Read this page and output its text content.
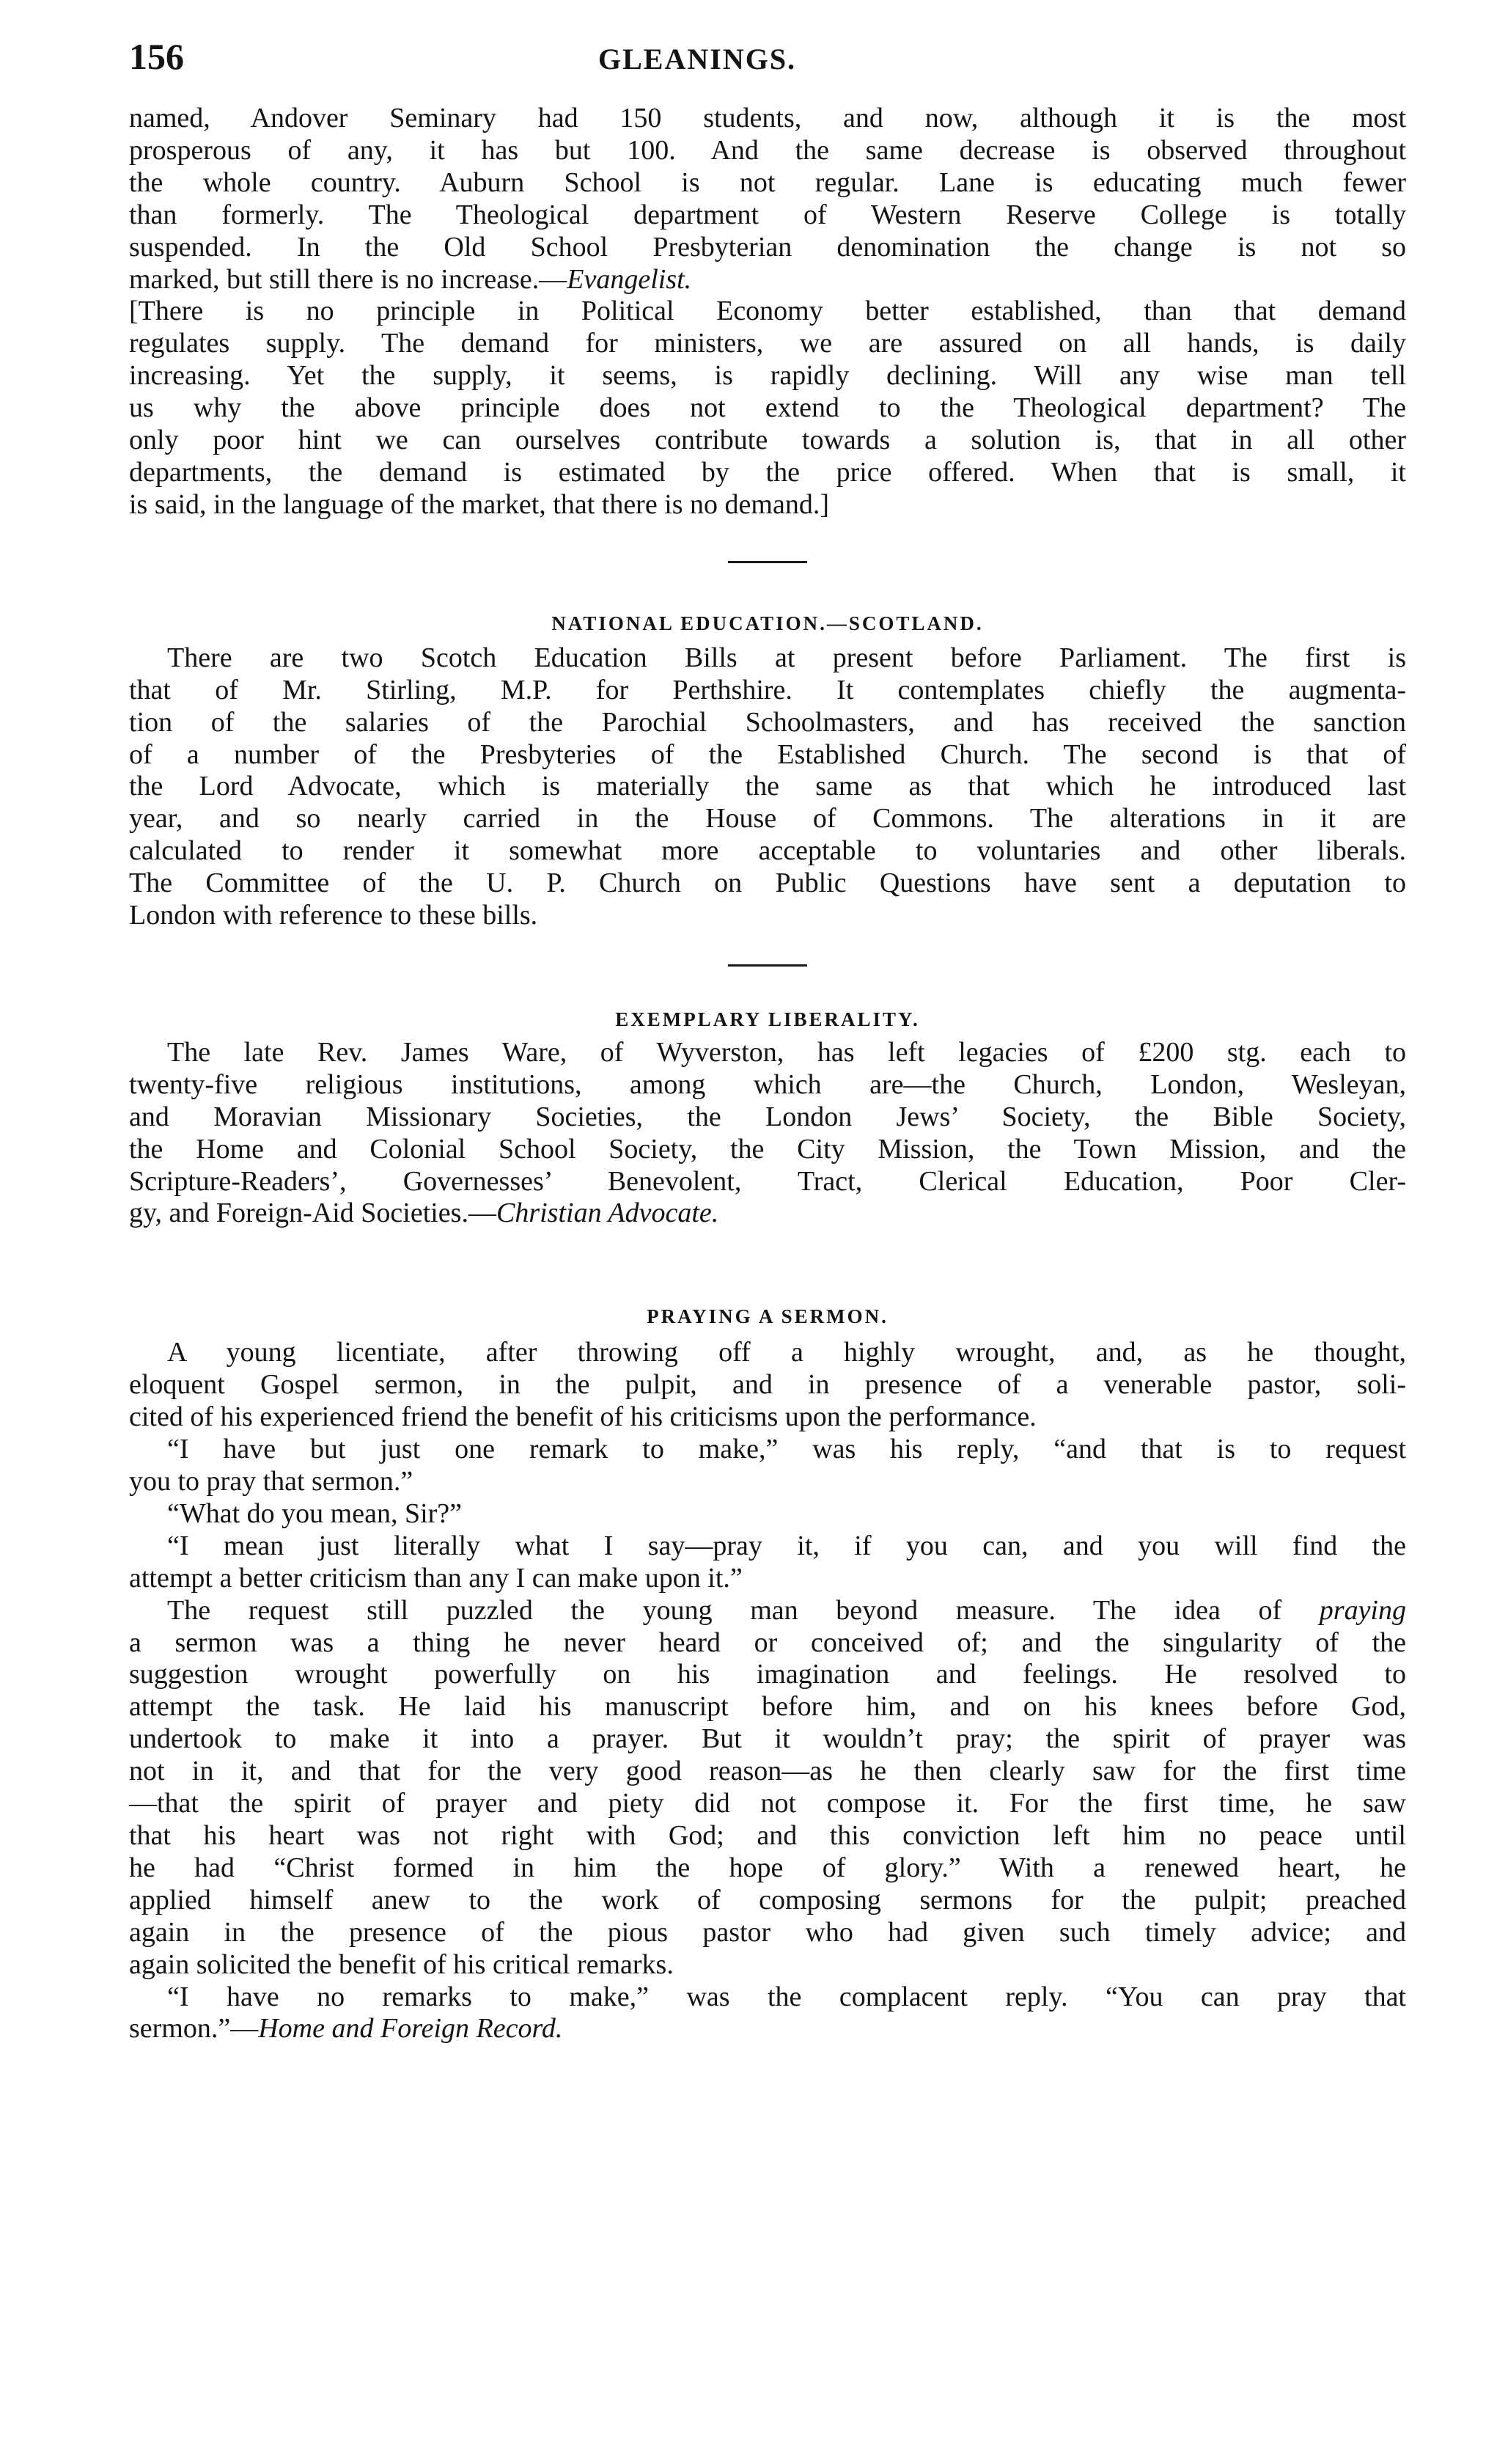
156	GLEANINGS.

named, Andover Seminary had 150 students, and now, although it is the most

prosperous of any, it has but 100. And the same decrease is observed throughout

the whole country. Auburn School is not regular. Lane is educating much fewer

than formerly. The Theological department of Western Reserve College is totally

suspended. In the Old School Presbyterian denomination the change is not so

marked, but still there is no increase.—Evangelist.

[There is no principle in Political Economy better established, than that demand

regulates supply. The demand for ministers, we are assured on all hands, is daily

increasing. Yet the supply, it seems, is rapidly declining. Will any wise man tell

us why the above principle does not extend to the Theological department? The

only poor hint we can ourselves contribute towards a solution is, that in all other

departments, the demand is estimated by the price offered. When that is small, it

is said, in the language of the market, that there is no demand.]

NATIONAL EDUCATION.—SCOTLAND.

There are two Scotch Education Bills at present before Parliament. The first is

that of Mr. Stirling, M.P. for Perthshire. It contemplates chiefly the augmenta-

tion of the salaries of the Parochial Schoolmasters, and has received the sanction

of a number of the Presbyteries of the Established Church. The second is that of

the Lord Advocate, which is materially the same as that which he introduced last

year, and so nearly carried in the House of Commons. The alterations in it are

calculated to render it somewhat more acceptable to voluntaries and other liberals.

The Committee of the U. P. Church on Public Questions have sent a deputation to

London with reference to these bills.

EXEMPLARY LIBERALITY.

The late Rev. James Ware, of Wyverston, has left legacies of £200 stg. each to

twenty-five religious institutions, among which are—the Church, London, Wesleyan,

and Moravian Missionary Societies, the London Jews’ Society, the Bible Society,

the Home and Colonial School Society, the City Mission, the Town Mission, and the

Scripture-Readers’, Governesses’ Benevolent, Tract, Clerical Education, Poor Cler-

gy, and Foreign-Aid Societies.—Christian Advocate.

PRAYING A SERMON.

A young licentiate, after throwing off a highly wrought, and, as he thought,

eloquent Gospel sermon, in the pulpit, and in presence of a venerable pastor, soli-

cited of his experienced friend the benefit of his criticisms upon the performance.

“I have but just one remark to make,” was his reply, “and that is to request

you to pray that sermon.”

“What do you mean, Sir?”

“I mean just literally what I say—pray it, if you can, and you will find the

attempt a better criticism than any I can make upon it.”

The request still puzzled the young man beyond measure. The idea of praying

a sermon was a thing he never heard or conceived of; and the singularity of the

suggestion wrought powerfully on his imagination and feelings. He resolved to

attempt the task. He laid his manuscript before him, and on his knees before God,

undertook to make it into a prayer. But it wouldn’t pray; the spirit of prayer was

not in it, and that for the very good reason—as he then clearly saw for the first time

—that the spirit of prayer and piety did not compose it. For the first time, he saw

that his heart was not right with God; and this conviction left him no peace until

he had “Christ formed in him the hope of glory.” With a renewed heart, he

applied himself anew to the work of composing sermons for the pulpit; preached

again in the presence of the pious pastor who had given such timely advice; and

again solicited the benefit of his critical remarks.

“I have no remarks to make,” was the complacent reply. “You can pray that

sermon.”—Home and Foreign Record.
